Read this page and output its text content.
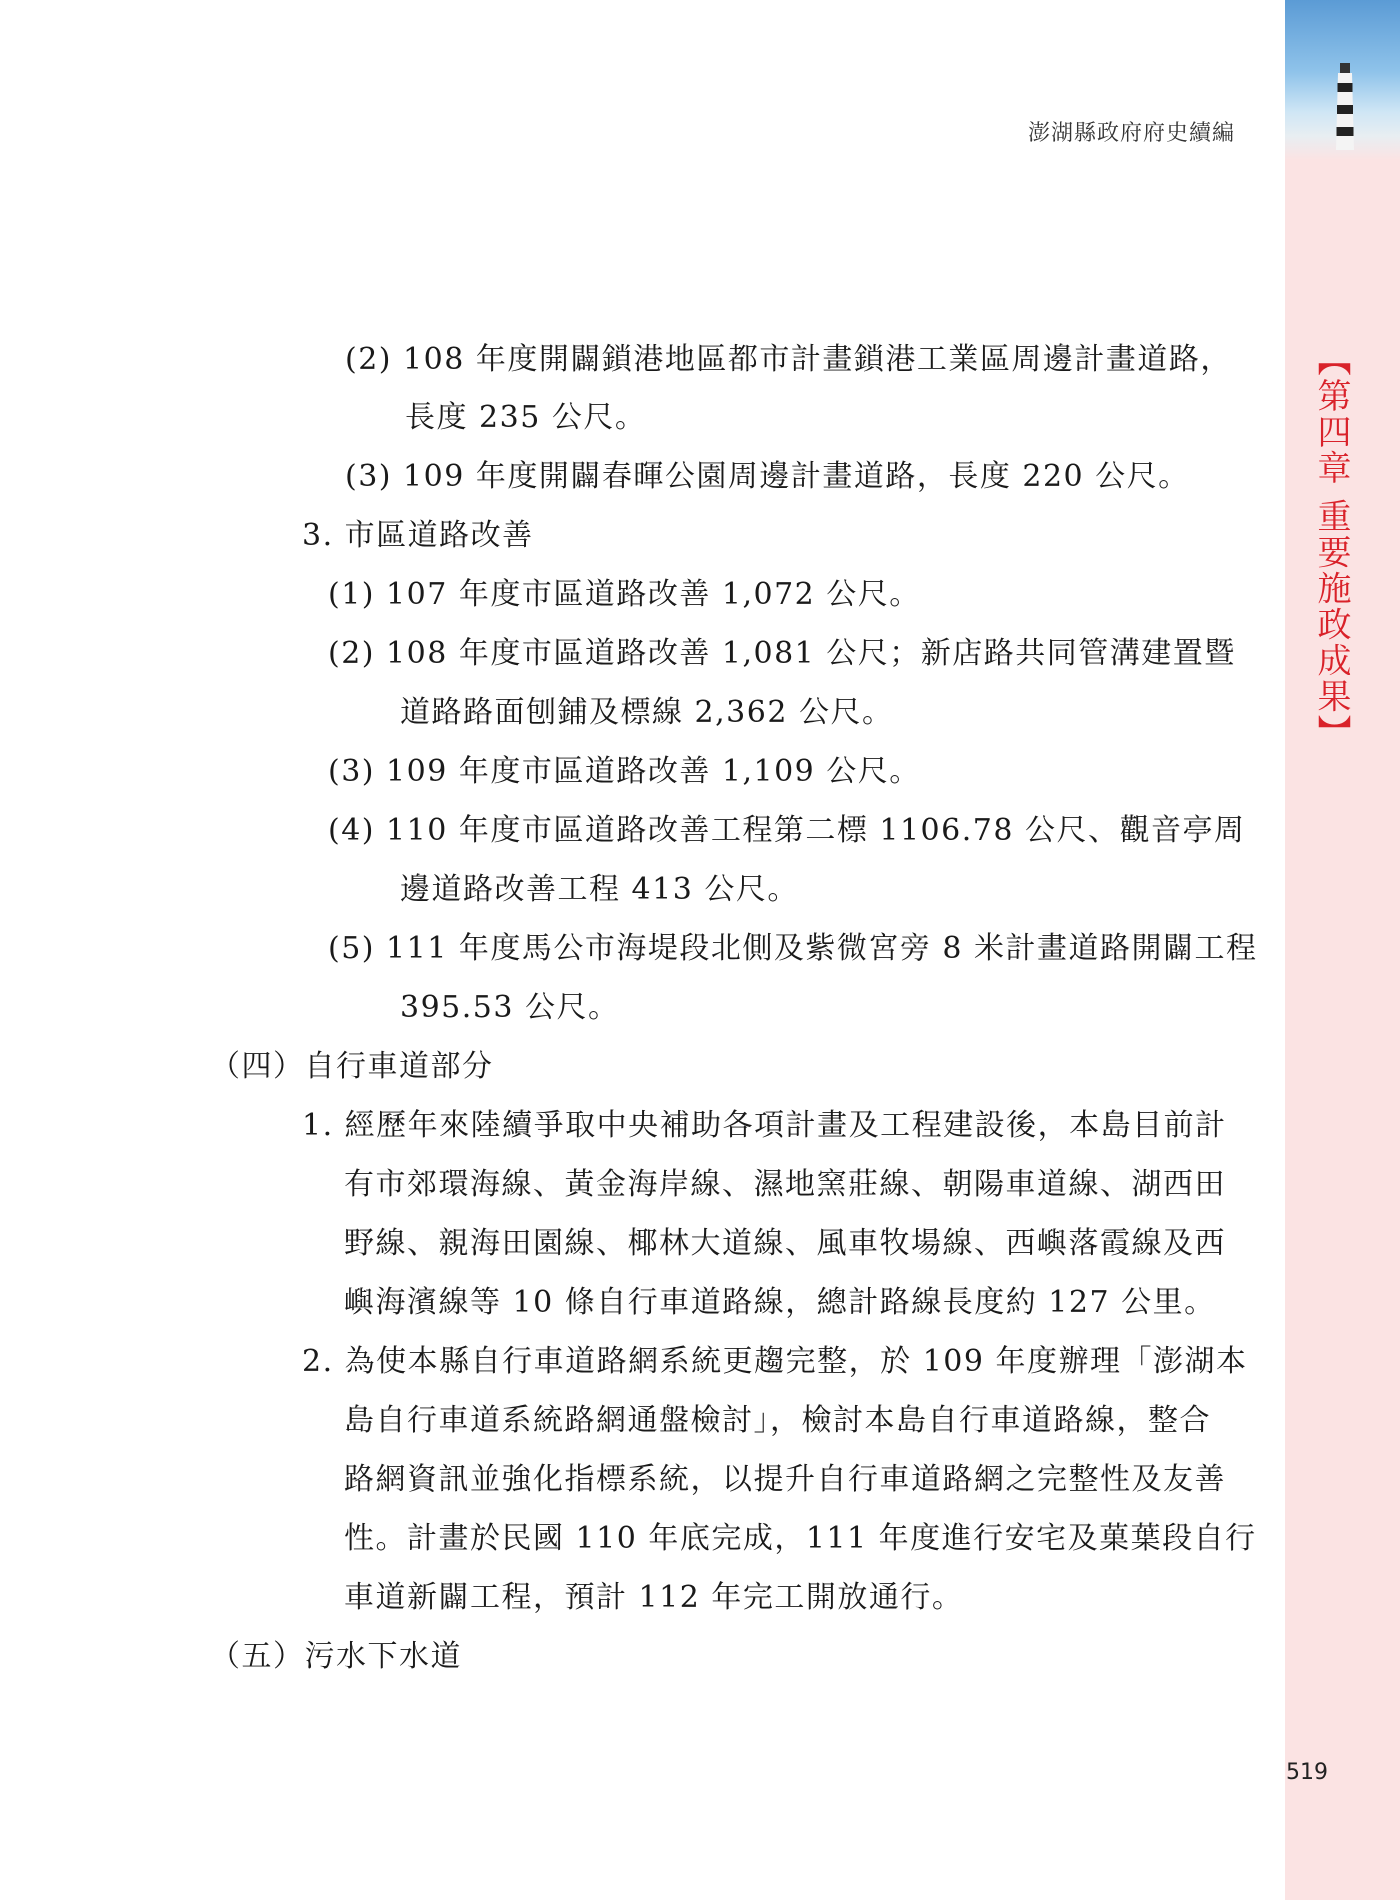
澎湖縣政府府史續編
【第四章 重要施政成果】
(2) 108 年度開闢鎖港地區都市計畫鎖港工業區周邊計畫道路，
長度 235 公尺。
(3) 109 年度開闢春暉公園周邊計畫道路，長度 220 公尺。
3. 市區道路改善
(1) 107 年度市區道路改善 1,072 公尺。
(2) 108 年度市區道路改善 1,081 公尺；新店路共同管溝建置暨
道路路面刨鋪及標線 2,362 公尺。
(3) 109 年度市區道路改善 1,109 公尺。
(4) 110 年度市區道路改善工程第二標 1106.78 公尺、觀音亭周
邊道路改善工程 413 公尺。
(5) 111 年度馬公市海堤段北側及紫微宮旁 8 米計畫道路開闢工程
395.53 公尺。
（四）自行車道部分
1. 經歷年來陸續爭取中央補助各項計畫及工程建設後，本島目前計
有市郊環海線、黃金海岸線、濕地窯莊線、朝陽車道線、湖西田
野線、親海田園線、椰林大道線、風車牧場線、西嶼落霞線及西
嶼海濱線等 10 條自行車道路線，總計路線長度約 127 公里。
2. 為使本縣自行車道路網系統更趨完整，於 109 年度辦理「澎湖本
島自行車道系統路網通盤檢討」，檢討本島自行車道路線，整合
路網資訊並強化指標系統，以提升自行車道路網之完整性及友善
性。計畫於民國 110 年底完成，111 年度進行安宅及菓葉段自行
車道新闢工程，預計 112 年完工開放通行。
（五）污水下水道
519
